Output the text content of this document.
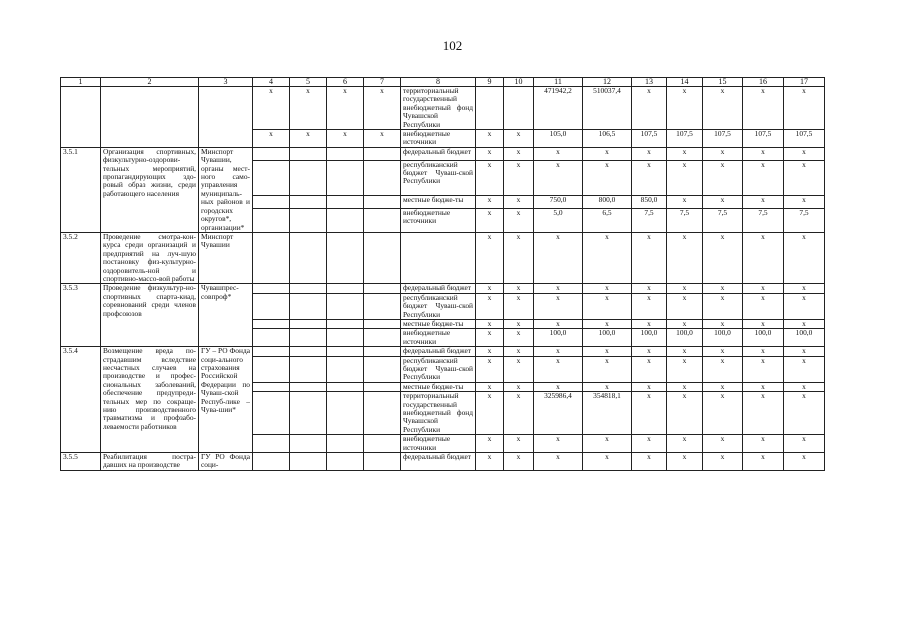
102
1	2	3	4	5	6	7	8	9	10	11	12	13	14	15	16	17
			x	x	x	x	территориальный государственный внебюджетный фонд Чувашской Республики			471942,2	510037,4	x	x	x	x	x
			x	x	x	x	внебюджетные источники	x	x	105,0	106,5	107,5	107,5	107,5	107,5	107,5
3.5.1	Организация спортивных, физкультурно-оздорови-тельных мероприятий, пропагандирующих здо-ровый образ жизни, среди работающего населения	Минспорт Чувашии, органы мест-ного само-управления муниципаль-ных районов и городских округов*, организации*					федеральный бюджет	x	x	x	x	x	x	x	x	x
							республиканский бюджет Чуваш-ской Республики	x	x	x	x	x	x	x	x	x
							местные бюдже-ты	x	x	750,0	800,0	850,0	x	x	x	x
							внебюджетные источники	x	x	5,0	6,5	7,5	7,5	7,5	7,5	7,5
3.5.2	Проведение смотра-кон-курса среди организаций и предприятий на луч-шую постановку физ-культурно-оздоровитель-ной и спортивно-массо-вой работы	Минспорт Чувашии						x	x	x	x	x	x	x	x	x
3.5.3	Проведение физкультур-но-спортивных спарта-киад, соревнований среди членов профсоюзов	Чувашпрес-совпроф*					федеральный бюджет	x	x	x	x	x	x	x	x	x
							республиканский бюджет Чуваш-ской Республики	x	x	x	x	x	x	x	x	x
							местные бюдже-ты	x	x	x	x	x	x	x	x	x
							внебюджетные источники	x	x	100,0	100,0	100,0	100,0	100,0	100,0	100,0
3.5.4	Возмещение вреда по-страдавшим вследствие несчастных случаев на производстве и профес-сиональных заболеваний, обеспечение предупреди-тельных мер по сокраще-нию производственного травматизма и профзабо-леваемости работников	ГУ – РО Фонда соци-ального страхования Российской Федерации по Чуваш-ской Респуб-лике – Чува-шии*					федеральный бюджет	x	x	x	x	x	x	x	x	x
							республиканский бюджет Чуваш-ской Республики	x	x	x	x	x	x	x	x	x
							местные бюдже-ты	x	x	x	x	x	x	x	x	x
							территориальный государственный внебюджетный фонд Чувашской Республики	x	x	325986,4	354818,1	x	x	x	x	x
							внебюджетные источники	x	x	x	x	x	x	x	x	x
3.5.5	Реабилитация постра-давших на производстве	ГУ РО Фонда соци-					федеральный бюджет	x	x	x	x	x	x	x	x	x
